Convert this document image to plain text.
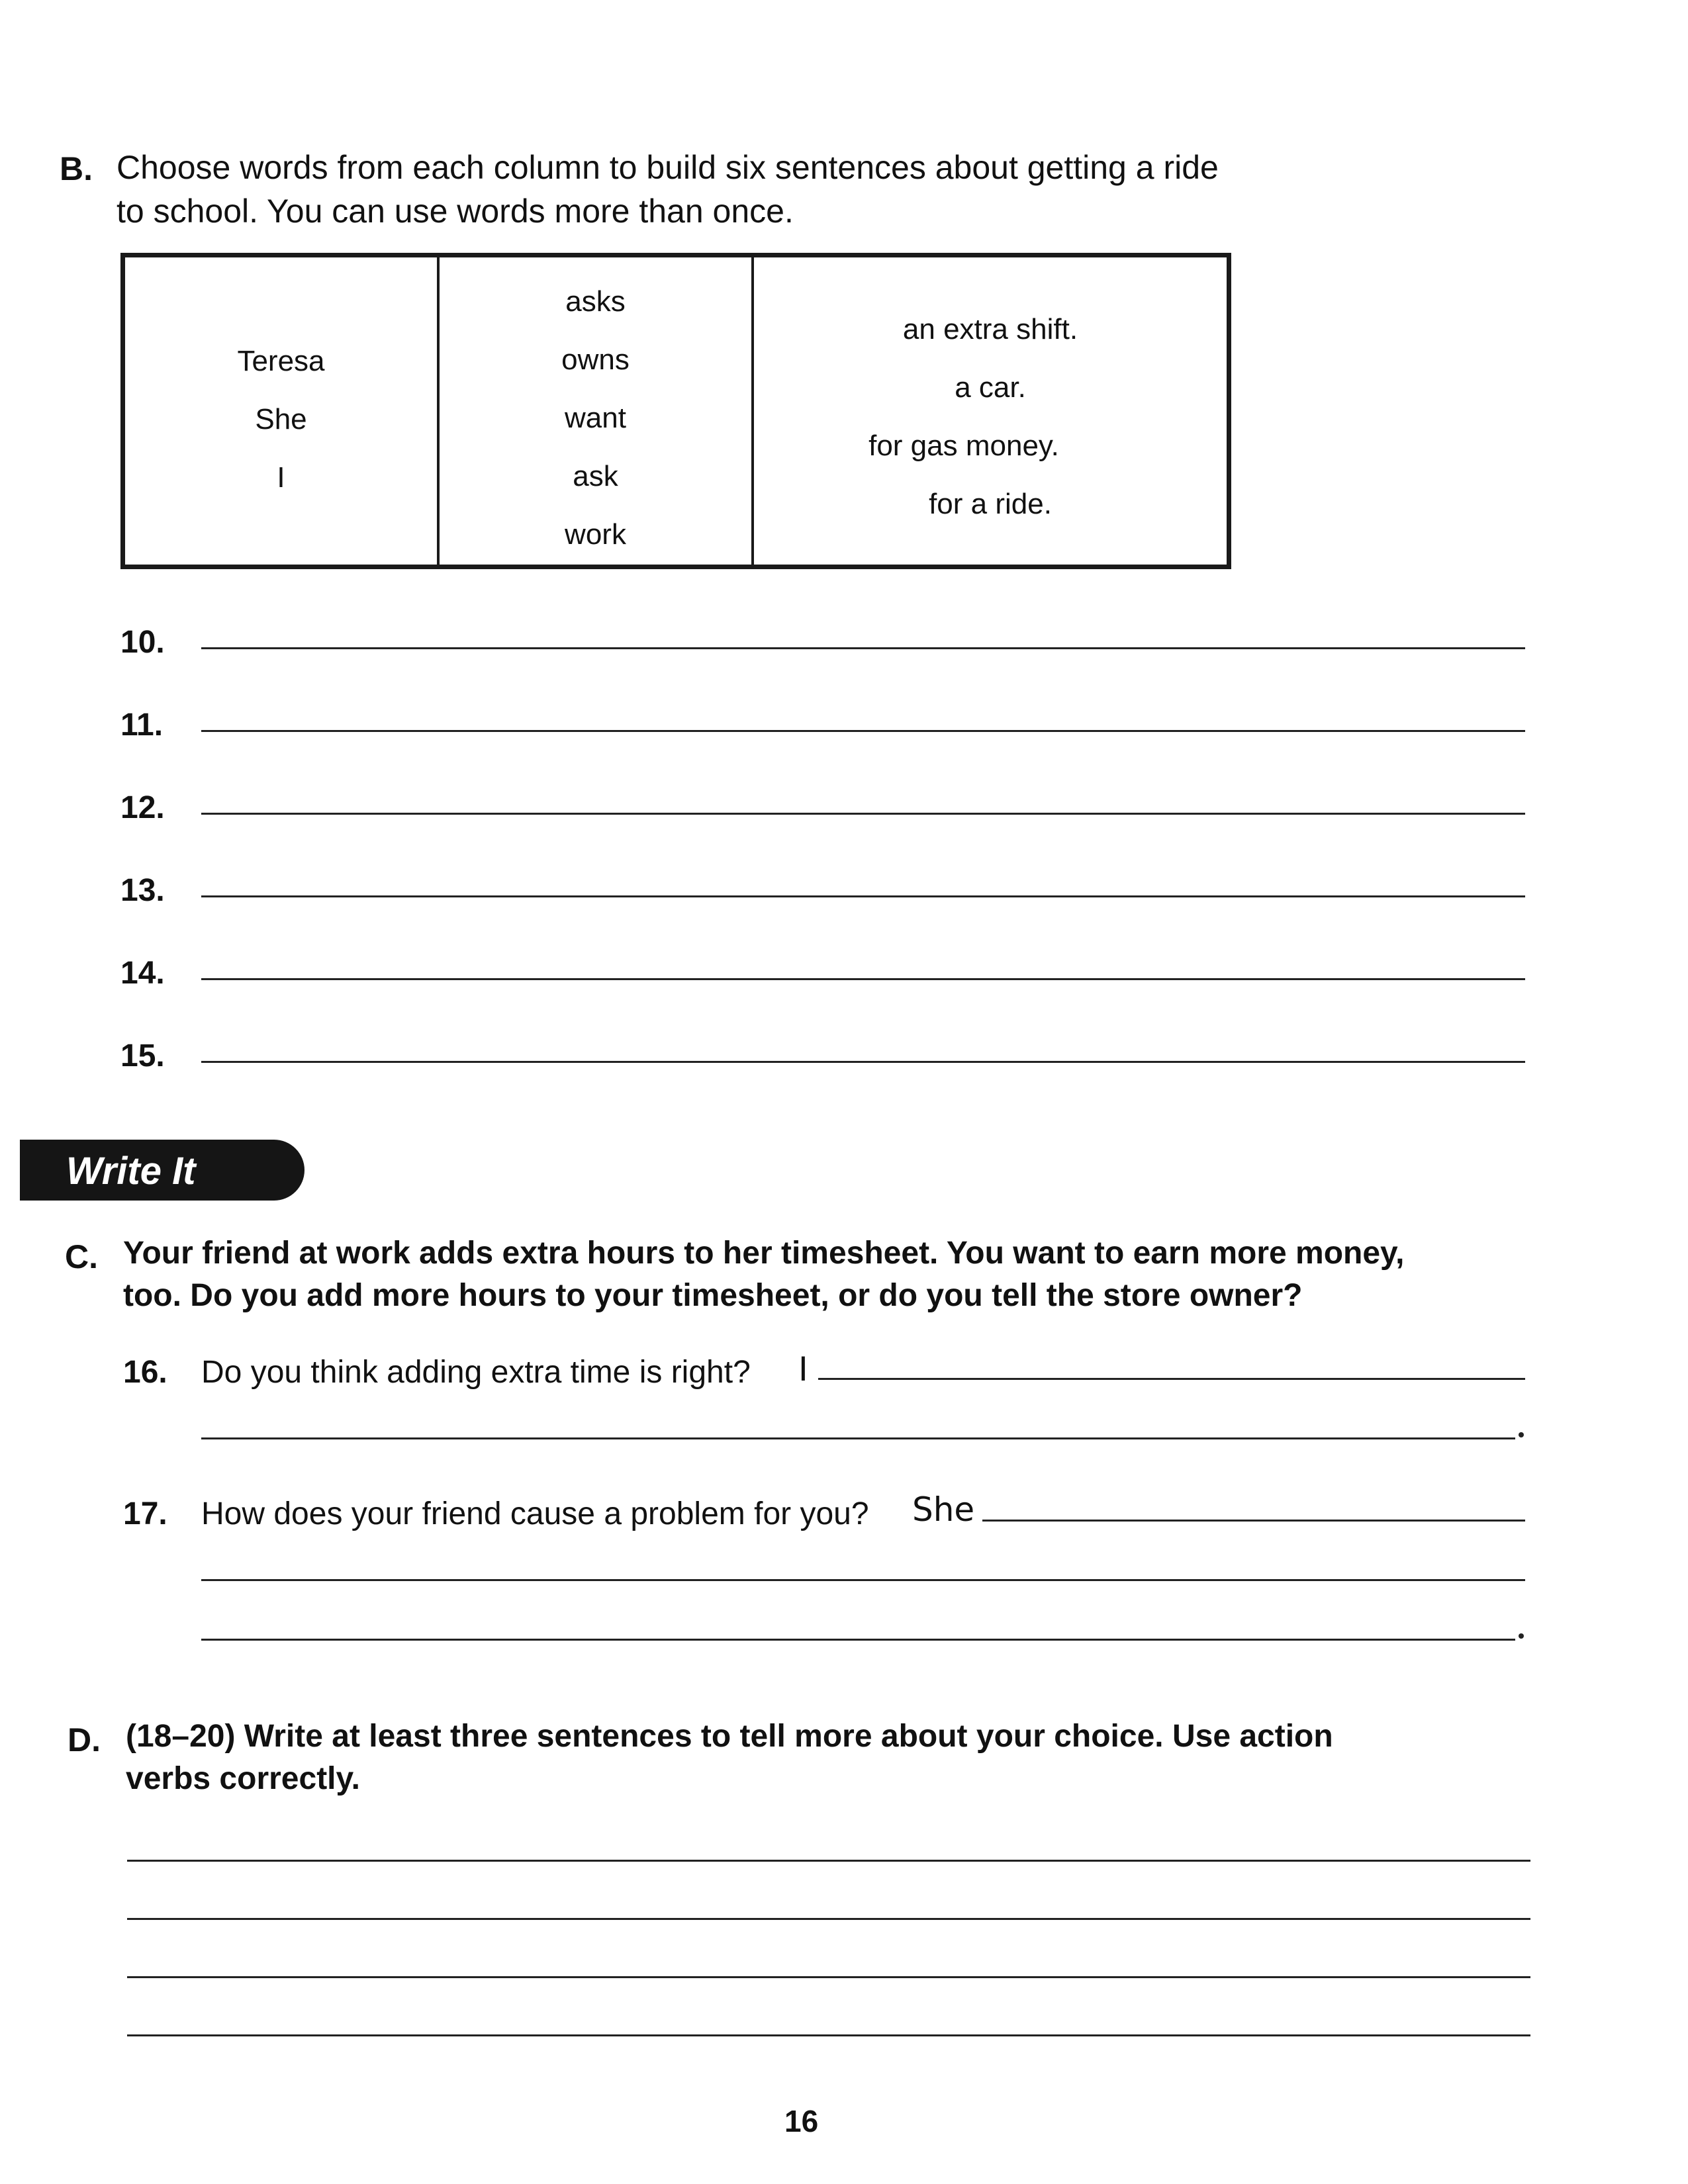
B. Choose words from each column to build six sentences about getting a ride
to school. You can use words more than once.
Teresa
She
I
asks
owns
want
ask
work
an extra shift.
a car.
for gas money.
for a ride.
10.
11.
12.
13.
14.
15.
Write It
C. Your friend at work adds extra hours to her timesheet. You want to earn more money,
too. Do you add more hours to your timesheet, or do you tell the store owner?
16. Do you think adding extra time is right? I
17. How does your friend cause a problem for you? She
D. (18–20) Write at least three sentences to tell more about your choice. Use action
verbs correctly.
16
